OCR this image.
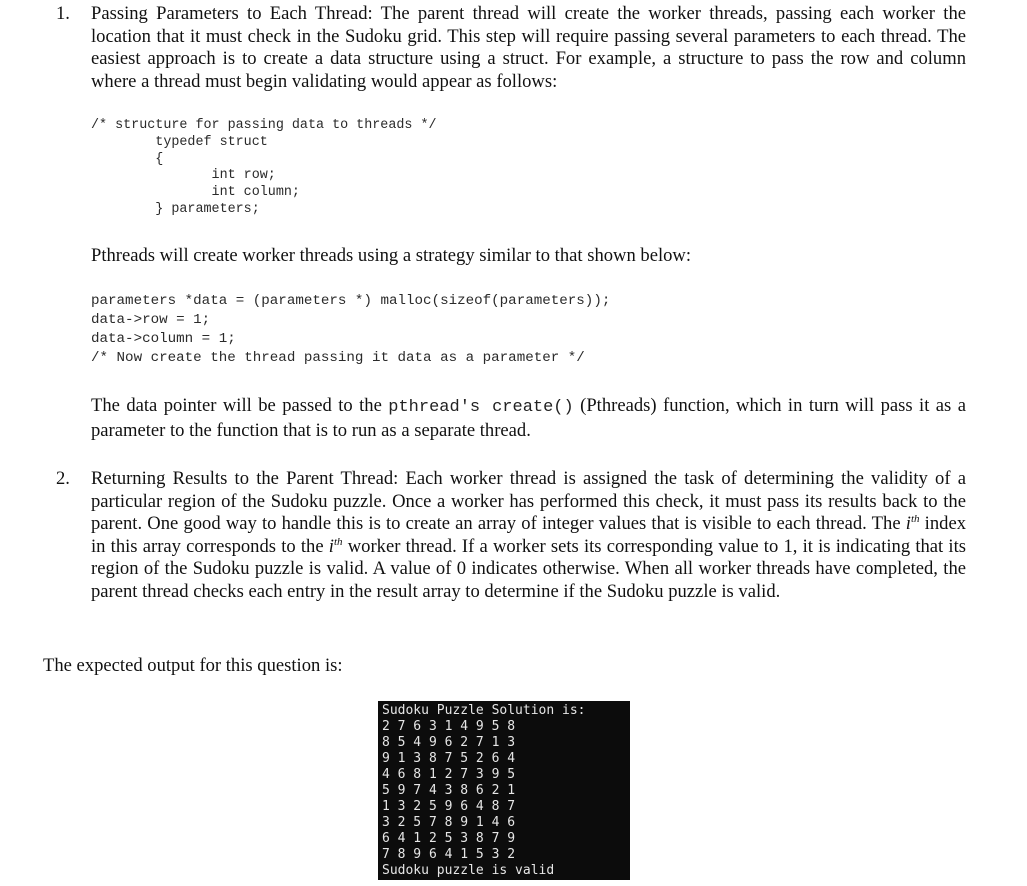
1. Passing Parameters to Each Thread: The parent thread will create the worker threads, passing each worker the location that it must check in the Sudoku grid. This step will require passing several parameters to each thread. The easiest approach is to create a data structure using a struct. For example, a structure to pass the row and column where a thread must begin validating would appear as follows:
/* structure for passing data to threads */
typedef struct
{
int row;
int column;
} parameters;
Pthreads will create worker threads using a strategy similar to that shown below:
parameters *data = (parameters *) malloc(sizeof(parameters));
data->row = 1;
data->column = 1;
/* Now create the thread passing it data as a parameter */
The data pointer will be passed to the pthread's create() (Pthreads) function, which in turn will pass it as a parameter to the function that is to run as a separate thread.
2. Returning Results to the Parent Thread: Each worker thread is assigned the task of determining the validity of a particular region of the Sudoku puzzle. Once a worker has performed this check, it must pass its results back to the parent. One good way to handle this is to create an array of integer values that is visible to each thread. The $i^{th}$ index in this array corresponds to the $i^{th}$ worker thread. If a worker sets its corresponding value to 1, it is indicating that its region of the Sudoku puzzle is valid. A value of 0 indicates otherwise. When all worker threads have completed, the parent thread checks each entry in the result array to determine if the Sudoku puzzle is valid.
The expected output for this question is:
Sudoku Puzzle Solution is:
2 7 6 3 1 4 9 5 8
8 5 4 9 6 2 7 1 3
9 1 3 8 7 5 2 6 4
4 6 8 1 2 7 3 9 5
5 9 7 4 3 8 6 2 1
1 3 2 5 9 6 4 8 7
3 2 5 7 8 9 1 4 6
6 4 1 2 5 3 8 7 9
7 8 9 6 4 1 5 3 2
Sudoku puzzle is valid
